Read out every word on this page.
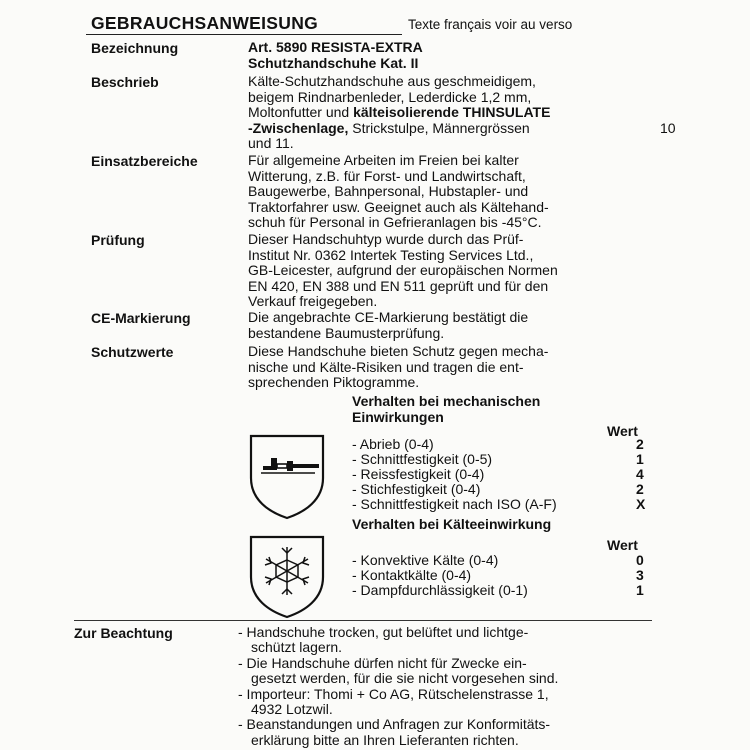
GEBRAUCHSANWEISUNG	Texte français voir au verso
Bezeichnung	Art. 5890 RESISTA-EXTRA
Schutzhandschuhe Kat. II
Beschrieb	Kälte-Schutzhandschuhe aus geschmeidigem,
beigem Rindnarbenleder, Lederdicke 1,2 mm,
Moltonfutter und kälteisolierende THINSULATE
-Zwischenlage, Strickstulpe, Männergrössen	10
und 11.
Einsatzbereiche	Für allgemeine Arbeiten im Freien bei kalter
Witterung, z.B. für Forst- und Landwirtschaft,
Baugewerbe, Bahnpersonal, Hubstapler- und
Traktorfahrer usw. Geeignet auch als Kältehand-
schuh für Personal in Gefrieranlagen bis -45°C.
Prüfung	Dieser Handschuhtyp wurde durch das Prüf-
Institut Nr. 0362 Intertek Testing Services Ltd.,
GB-Leicester, aufgrund der europäischen Normen
EN 420, EN 388 und EN 511 geprüft und für den
Verkauf freigegeben.
CE-Markierung	Die angebrachte CE-Markierung bestätigt die
bestandene Baumusterprüfung.
Schutzwerte	Diese Handschuhe bieten Schutz gegen mecha-
nische und Kälte-Risiken und tragen die ent-
sprechenden Piktogramme.
Verhalten bei mechanischen
Einwirkungen
Wert
- Abrieb (0-4)	2
- Schnittfestigkeit (0-5)	1
- Reissfestigkeit (0-4)	4
- Stichfestigkeit (0-4)	2
- Schnittfestigkeit nach ISO (A-F)	X
Verhalten bei Kälteeinwirkung
Wert
- Konvektive Kälte (0-4)	0
- Kontaktkälte (0-4)	3
- Dampfdurchlässigkeit (0-1)	1
Zur Beachtung	- Handschuhe trocken, gut belüftet und lichtge-
schützt lagern.
- Die Handschuhe dürfen nicht für Zwecke ein-
gesetzt werden, für die sie nicht vorgesehen sind.
- Importeur: Thomi + Co AG, Rütschelenstrasse 1,
4932 Lotzwil.
- Beanstandungen und Anfragen zur Konformitäts-
erklärung bitte an Ihren Lieferanten richten.
